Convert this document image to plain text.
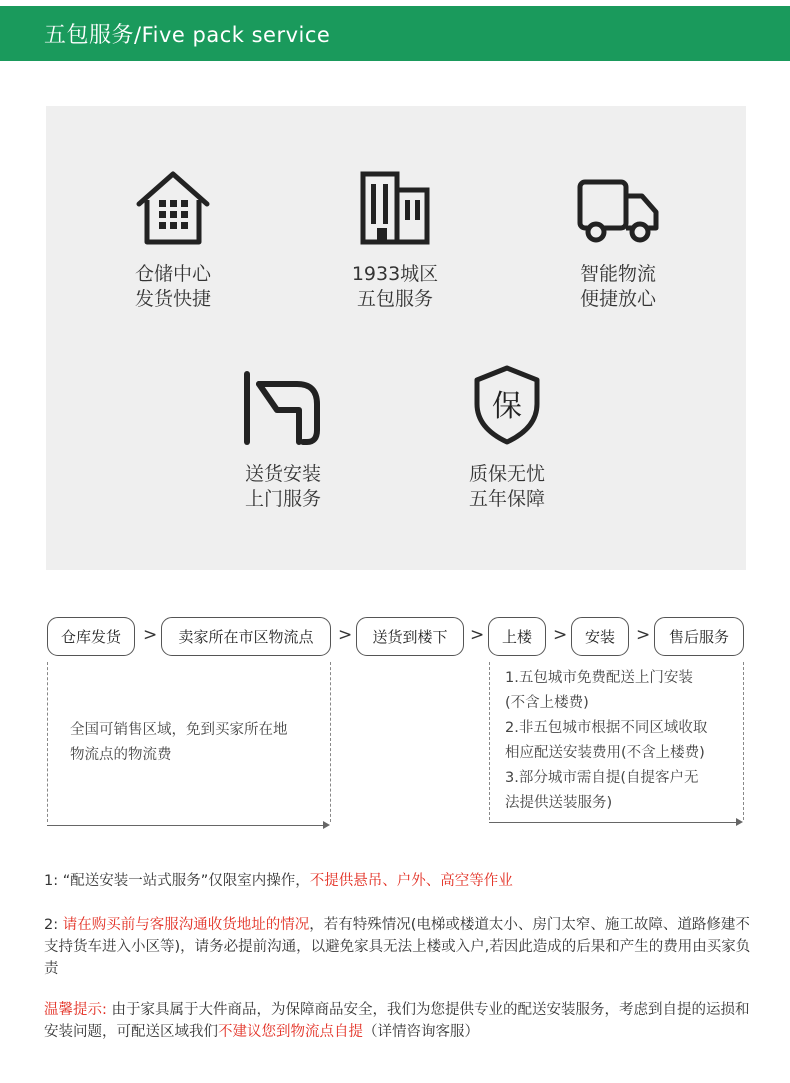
五包服务/Five pack service
仓储中心
发货快捷
1933城区
五包服务
智能物流
便捷放心
送货安装
上门服务
保
质保无忧
五年保障
仓库发货	>	卖家所在市区物流点	>	送货到楼下	>	上楼	>	安装	>	售后服务
全国可销售区域，免到买家所在地
物流点的物流费
1.五包城市免费配送上门安装
(不含上楼费)
2.非五包城市根据不同区域收取
相应配送安装费用(不含上楼费)
3.部分城市需自提(自提客户无
法提供送装服务)
1: “配送安装一站式服务”仅限室内操作，不提供悬吊、户外、高空等作业
2: 请在购买前与客服沟通收货地址的情况，若有特殊情况(电梯或楼道太小、房门太窄、施工故障、道路修建不支持货车进入小区等)，请务必提前沟通，以避免家具无法上楼或入户,若因此造成的后果和产生的费用由买家负责
温馨提示: 由于家具属于大件商品，为保障商品安全，我们为您提供专业的配送安装服务，考虑到自提的运损和安装问题，可配送区域我们不建议您到物流点自提（详情咨询客服）
